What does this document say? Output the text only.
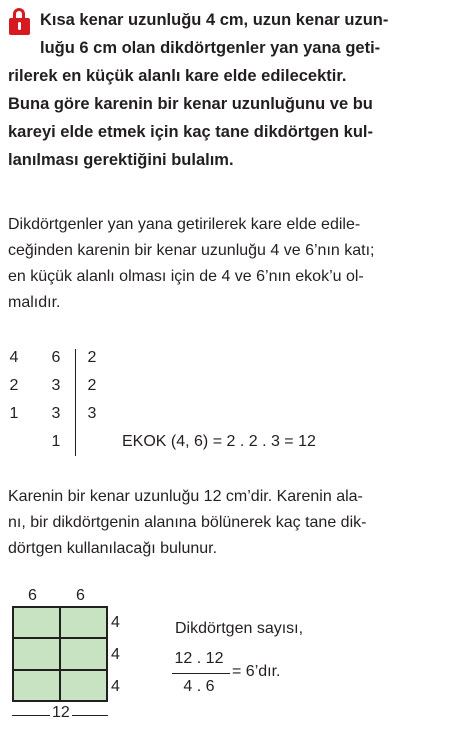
Kısa kenar uzunluğu 4 cm, uzun kenar uzun-
luğu 6 cm olan dikdörtgenler yan yana geti-
rilerek en küçük alanlı kare elde edilecektir.
Buna göre karenin bir kenar uzunluğunu ve bu
kareyi elde etmek için kaç tane dikdörtgen kul-
lanılması gerektiğini bulalım.
Dikdörtgenler yan yana getirilerek kare elde edile-
ceğinden karenin bir kenar uzunluğu 4 ve 6’nın katı;
en küçük alanlı olması için de 4 ve 6’nın ekok’u ol-
malıdır.
4 6 2
2 3 2
1 3 3
1	EKOK (4, 6) = 2 . 2 . 3 = 12
Karenin bir kenar uzunluğu 12 cm’dir. Karenin ala-
nı, bir dikdörtgenin alanına bölünerek kaç tane dik-
dörtgen kullanılacağı bulunur.
6 6
4
4
4
12
Dikdörtgen sayısı,
12 . 12
4 . 6
= 6’dır.
